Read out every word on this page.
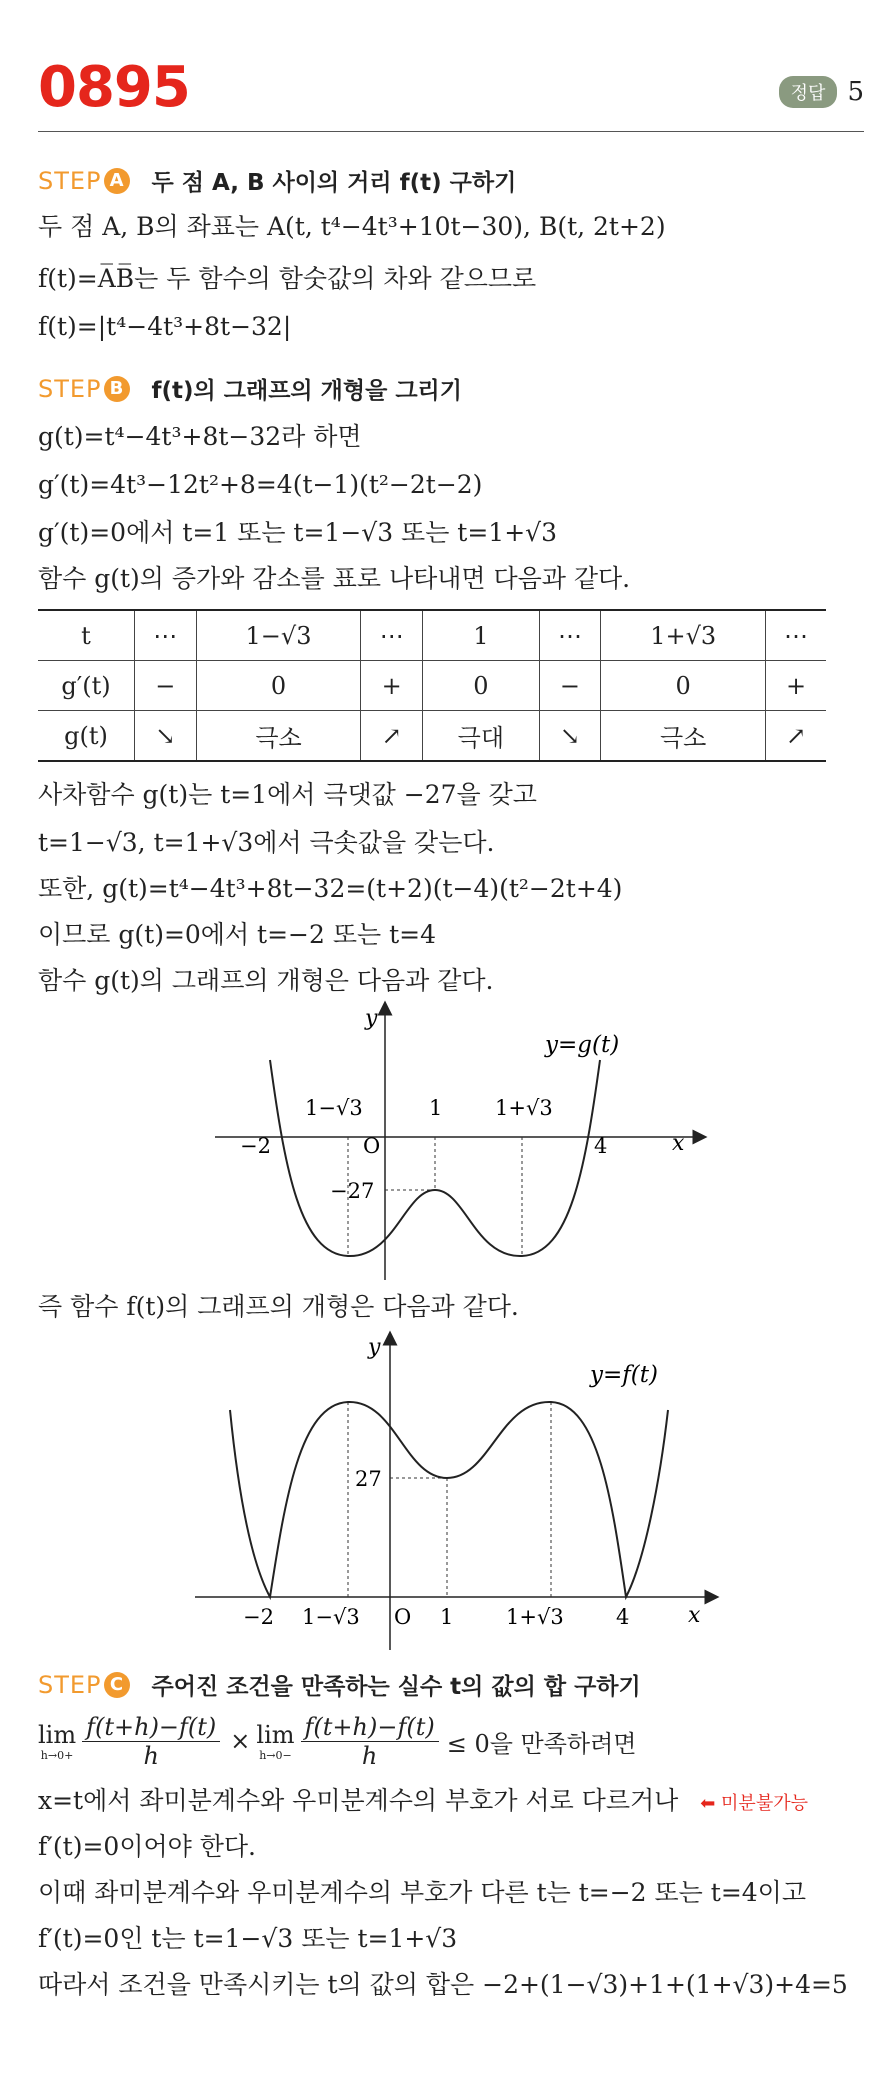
0895	정답 5
STEP A 두 점 A, B 사이의 거리 f(t) 구하기
두 점 A, B의 좌표는 A(t, t⁴−4t³+10t−30), B(t, 2t+2)
f(t)=A̅B̅는 두 함수의 함숫값의 차와 같으므로
f(t)=|t⁴−4t³+8t−32|
STEP B f(t)의 그래프의 개형을 그리기
g(t)=t⁴−4t³+8t−32라 하면
g′(t)=4t³−12t²+8=4(t−1)(t²−2t−2)
g′(t)=0에서 t=1 또는 t=1−√3 또는 t=1+√3
함수 g(t)의 증가와 감소를 표로 나타내면 다음과 같다.
t	⋯	1−√3	⋯	1	⋯	1+√3	⋯
g′(t)	−	0	+	0	−	0	+
g(t)	↘	극소	↗	극대	↘	극소	↗
사차함수 g(t)는 t=1에서 극댓값 −27을 갖고
t=1−√3, t=1+√3에서 극솟값을 갖는다.
또한, g(t)=t⁴−4t³+8t−32=(t+2)(t−4)(t²−2t+4)
이므로 g(t)=0에서 t=−2 또는 t=4
함수 g(t)의 그래프의 개형은 다음과 같다.
y
x
y=g(t)
−2
1−√3
O
1	1+√3
4
−27
즉 함수 f(t)의 그래프의 개형은 다음과 같다.
y
x
y=f(t)
−2 1−√3 O 1	1+√3 4
27
STEP C 주어진 조건을 만족하는 실수 t의 값의 합 구하기
lim
$h\to 0+ \frac{f(t+h)-f(t)}{h} \times \lim$
$h\to 0- \frac{f(t+h)-f(t)}{h} \le 0$을 만족하려면
x=t에서 좌미분계수와 우미분계수의 부호가 서로 다르거나 ⬅ 미분불가능
f′(t)=0이어야 한다.
이때 좌미분계수와 우미분계수의 부호가 다른 t는 t=−2 또는 t=4이고
f′(t)=0인 t는 t=1−√3 또는 t=1+√3
따라서 조건을 만족시키는 t의 값의 합은 −2+(1−√3)+1+(1+√3)+4=5
